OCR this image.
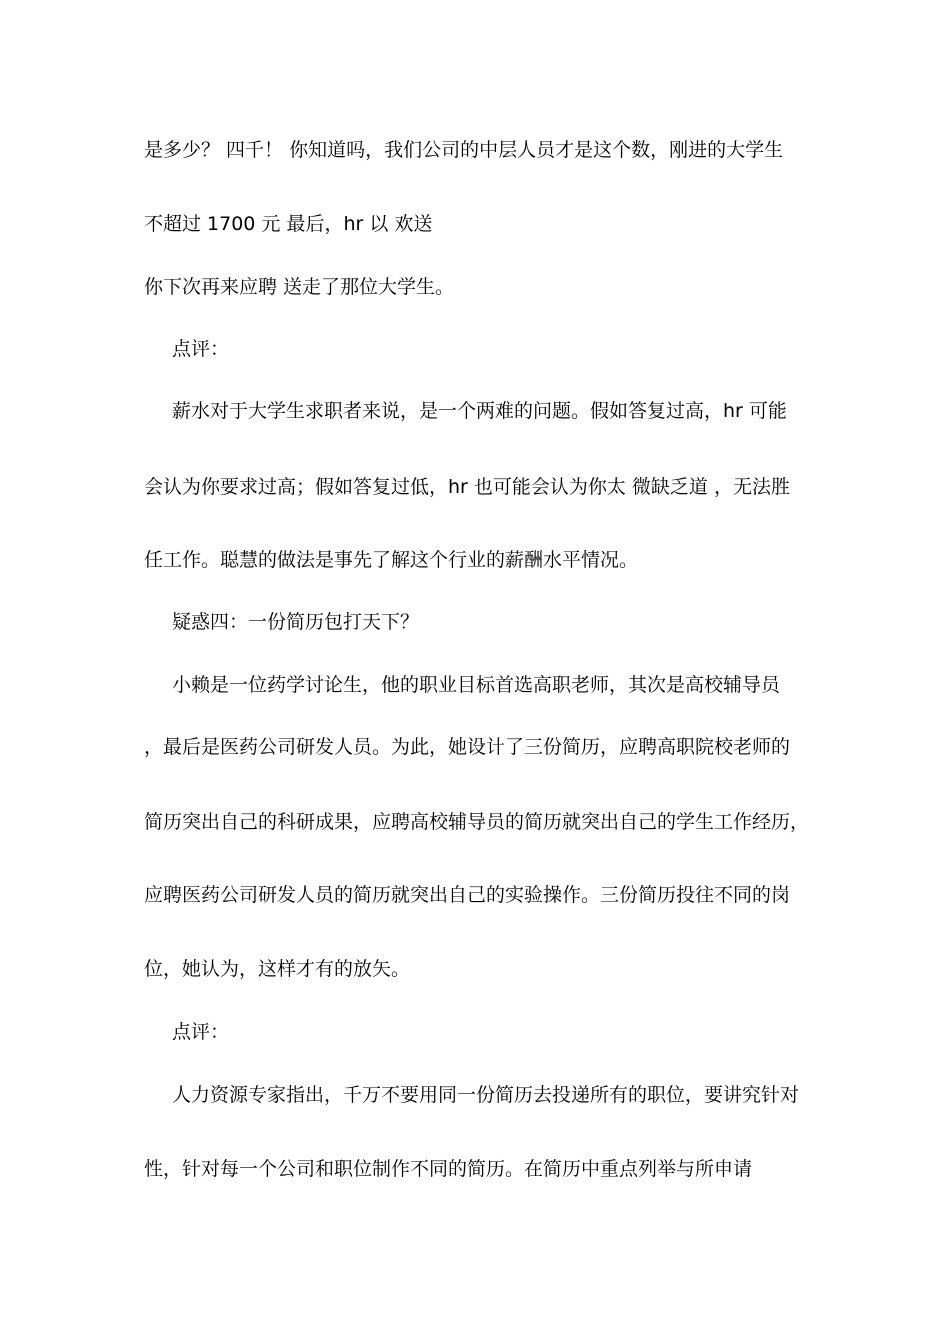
是多少？ 四千！ 你知道吗，我们公司的中层人员才是这个数，刚进的大学生

不超过 1700 元 最后，hr 以 欢送

你下次再来应聘 送走了那位大学生。

点评：

薪水对于大学生求职者来说，是一个两难的问题。假如答复过高，hr 可能

会认为你要求过高；假如答复过低，hr 也可能会认为你太 微缺乏道 ，无法胜

任工作。聪慧的做法是事先了解这个行业的薪酬水平情况。

疑惑四：一份简历包打天下？

小赖是一位药学讨论生，他的职业目标首选高职老师，其次是高校辅导员

，最后是医药公司研发人员。为此，她设计了三份简历，应聘高职院校老师的

简历突出自己的科研成果，应聘高校辅导员的简历就突出自己的学生工作经历，

应聘医药公司研发人员的简历就突出自己的实验操作。三份简历投往不同的岗

位，她认为，这样才有的放矢。

点评：

人力资源专家指出，千万不要用同一份简历去投递所有的职位，要讲究针对

性，针对每一个公司和职位制作不同的简历。在简历中重点列举与所申请
